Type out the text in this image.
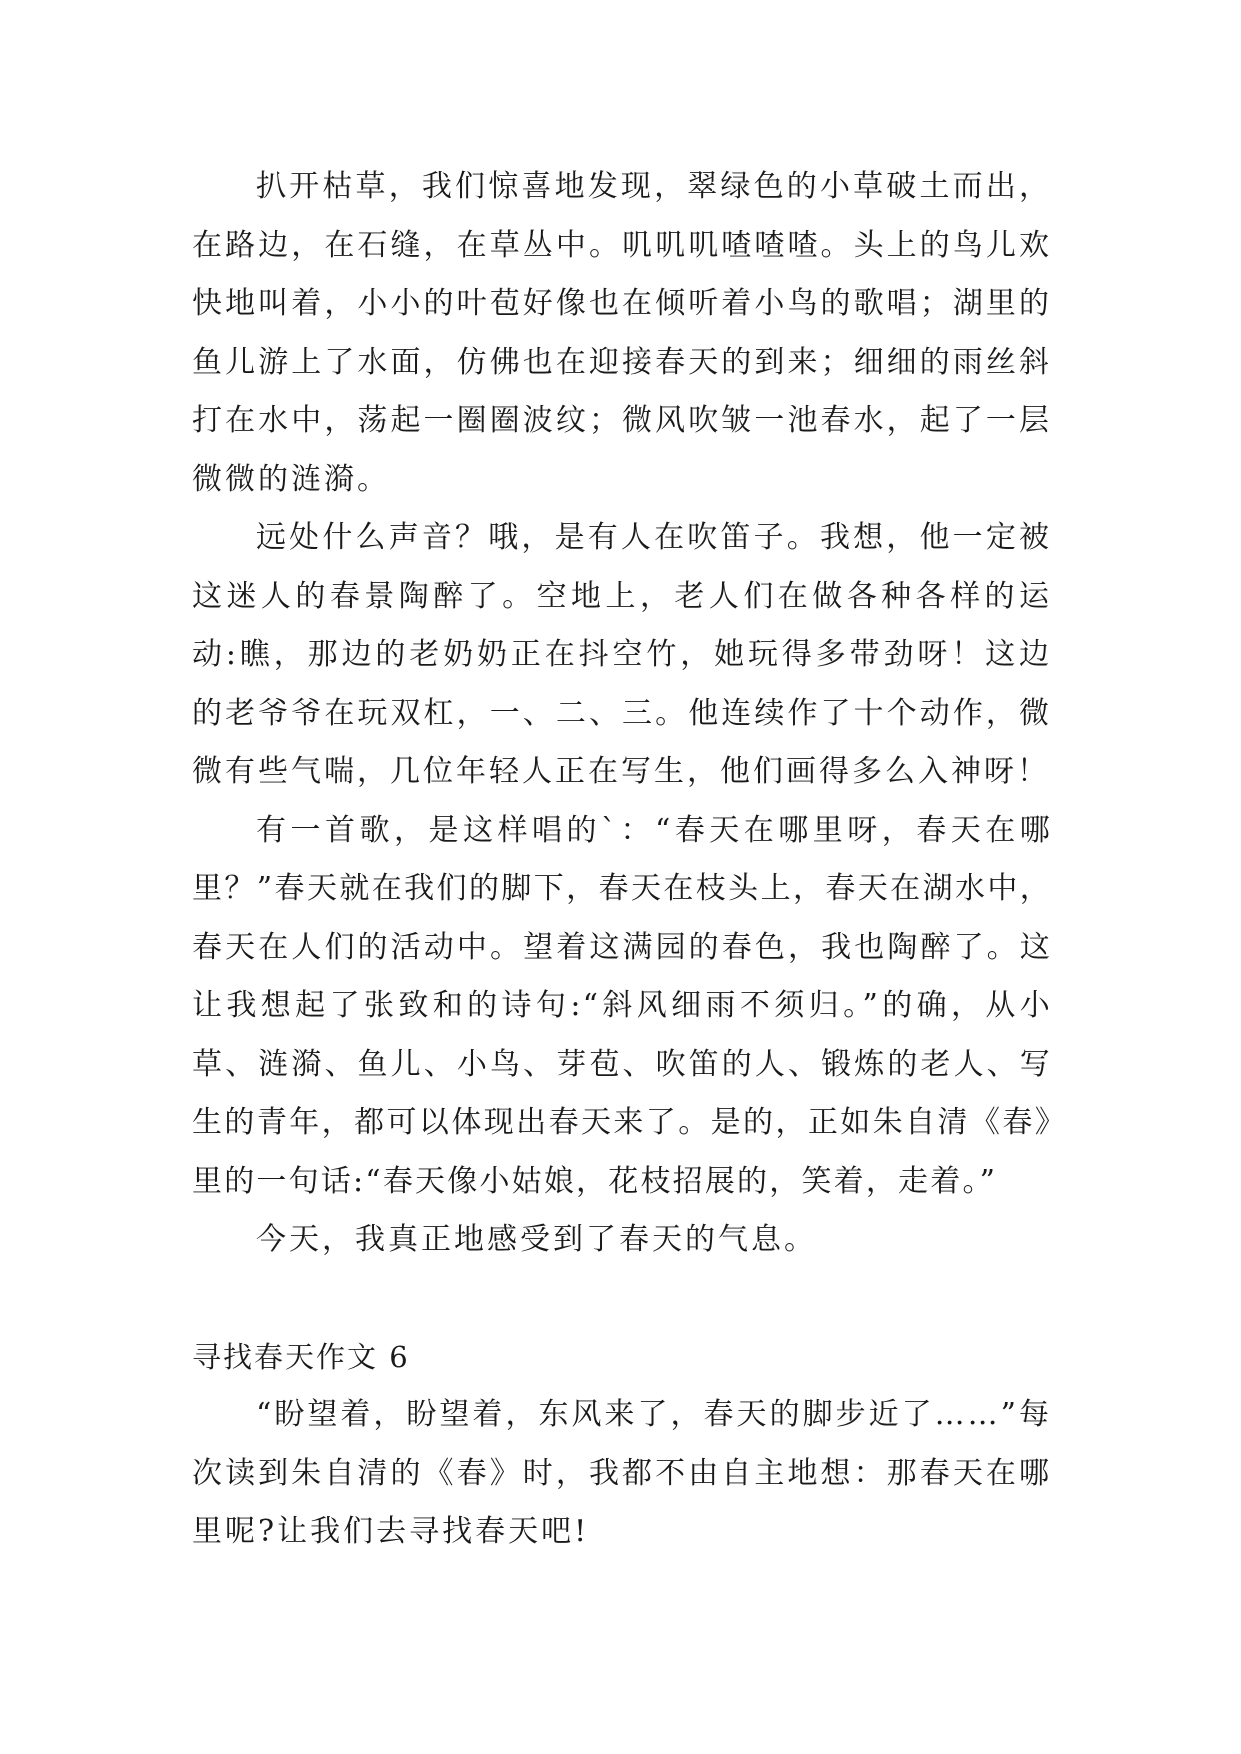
扒开枯草，我们惊喜地发现，翠绿色的小草破土而出，在路边，在石缝，在草丛中。叽叽叽喳喳喳。头上的鸟儿欢快地叫着，小小的叶苞好像也在倾听着小鸟的歌唱；湖里的鱼儿游上了水面，仿佛也在迎接春天的到来；细细的雨丝斜打在水中，荡起一圈圈波纹；微风吹皱一池春水，起了一层微微的涟漪。

远处什么声音？哦，是有人在吹笛子。我想，他一定被这迷人的春景陶醉了。空地上，老人们在做各种各样的运动:瞧，那边的老奶奶正在抖空竹，她玩得多带劲呀！这边的老爷爷在玩双杠，一、二、三。他连续作了十个动作，微微有些气喘，几位年轻人正在写生，他们画得多么入神呀！

有一首歌，是这样唱的`：“春天在哪里呀，春天在哪里？”春天就在我们的脚下，春天在枝头上，春天在湖水中，春天在人们的活动中。望着这满园的春色，我也陶醉了。这让我想起了张致和的诗句:“斜风细雨不须归。”的确，从小草、涟漪、鱼儿、小鸟、芽苞、吹笛的人、锻炼的老人、写生的青年，都可以体现出春天来了。是的，正如朱自清《春》里的一句话:“春天像小姑娘，花枝招展的，笑着，走着。”

今天，我真正地感受到了春天的气息。

寻找春天作文 6

“盼望着，盼望着，东风来了，春天的脚步近了……”每次读到朱自清的《春》时，我都不由自主地想：那春天在哪里呢?让我们去寻找春天吧!
